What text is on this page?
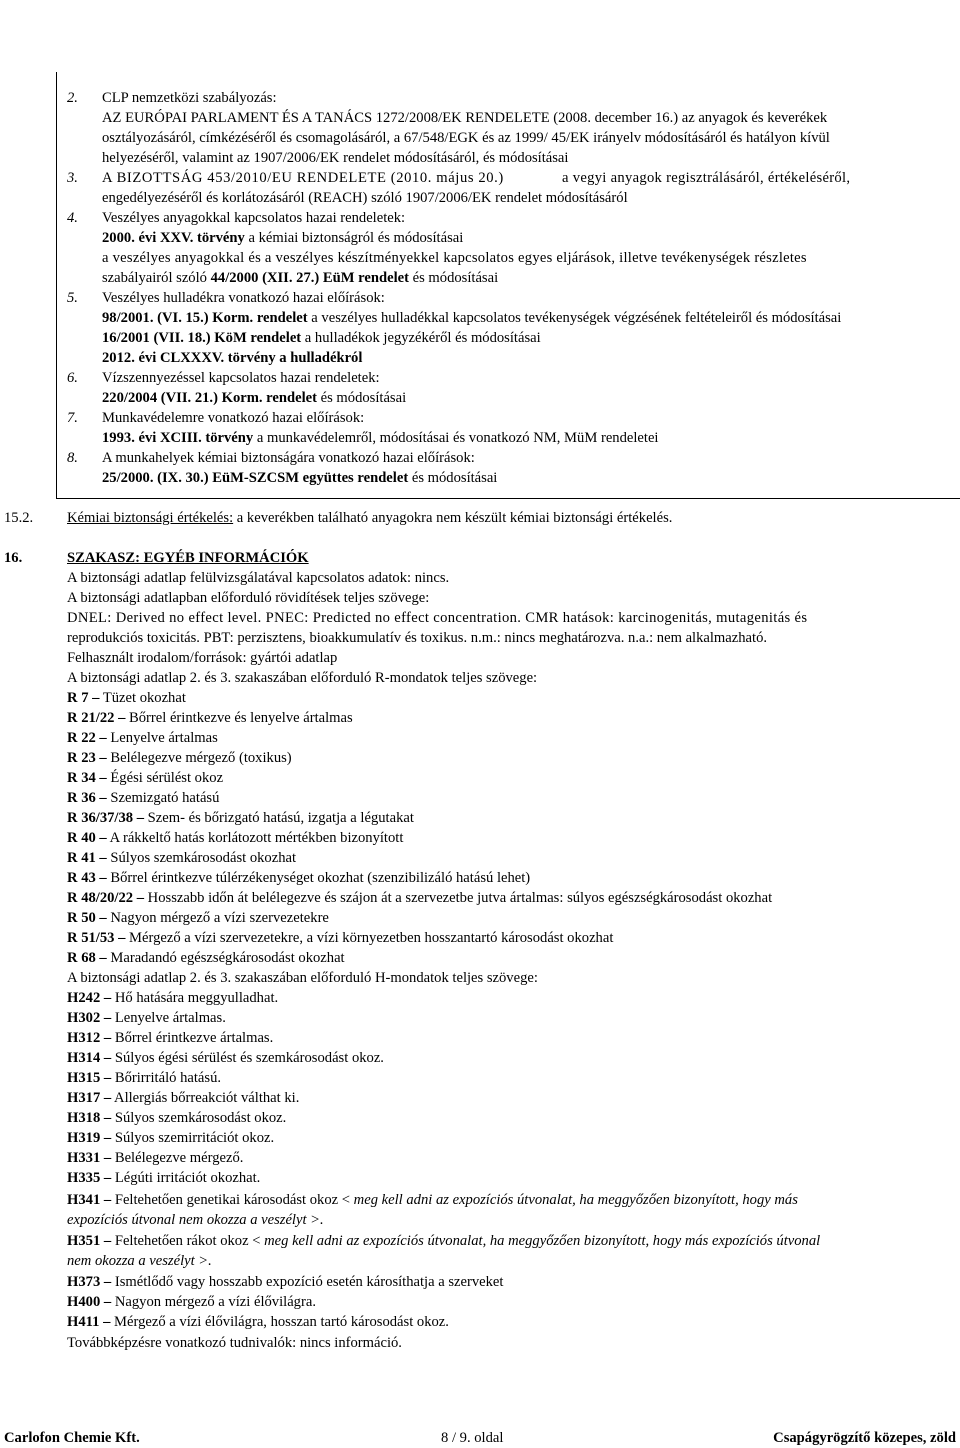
Elkészítés időpontja: 2013. június 7.
Felülvizsgálat időpontja: -
Verziószám: 1
http://www.biztonsagiadatlap.hu
2. CLP nemzetközi szabályozás:
AZ EURÓPAI PARLAMENT ÉS A TANÁCS 1272/2008/EK RENDELETE (2008. december 16.) az anyagok és keverékek
osztályozásáról, címkézéséről és csomagolásáról, a 67/548/EGK és az 1999/ 45/EK irányelv módosításáról és hatályon kívül
helyezéséről, valamint az 1907/2006/EK rendelet módosításáról, és módosításai
3. A BIZOTTSÁG 453/2010/EU RENDELETE (2010. május 20.)	a vegyi anyagok regisztrálásáról, értékeléséről,
engedélyezéséről és korlátozásáról (REACH) szóló 1907/2006/EK rendelet módosításáról
4. Veszélyes anyagokkal kapcsolatos hazai rendeletek:
2000. évi XXV. törvény a kémiai biztonságról és módosításai
a veszélyes anyagokkal és a veszélyes készítményekkel kapcsolatos egyes eljárások, illetve tevékenységek részletes
szabályairól szóló 44/2000 (XII. 27.) EüM rendelet és módosításai
5. Veszélyes hulladékra vonatkozó hazai előírások:
98/2001. (VI. 15.) Korm. rendelet a veszélyes hulladékkal kapcsolatos tevékenységek végzésének feltételeiről és módosításai
16/2001 (VII. 18.) KöM rendelet a hulladékok jegyzékéről és módosításai
2012. évi CLXXXV. törvény a hulladékról
6. Vízszennyezéssel kapcsolatos hazai rendeletek:
220/2004 (VII. 21.) Korm. rendelet és módosításai
7. Munkavédelemre vonatkozó hazai előírások:
1993. évi XCIII. törvény a munkavédelemről, módosításai és vonatkozó NM, MüM rendeletei
8. A munkahelyek kémiai biztonságára vonatkozó hazai előírások:
25/2000. (IX. 30.) EüM-SZCSM együttes rendelet és módosításai
15.2. Kémiai biztonsági értékelés: a keverékben található anyagokra nem készült kémiai biztonsági értékelés.
16.	SZAKASZ: EGYÉB INFORMÁCIÓK
A biztonsági adatlap felülvizsgálatával kapcsolatos adatok: nincs.
A biztonsági adatlapban előforduló rövidítések teljes szövege:
DNEL: Derived no effect level. PNEC: Predicted no effect concentration. CMR hatások: karcinogenitás, mutagenitás és
reprodukciós toxicitás. PBT: perzisztens, bioakkumulatív és toxikus. n.m.: nincs meghatározva. n.a.: nem alkalmazható.
Felhasznált irodalom/források: gyártói adatlap
A biztonsági adatlap 2. és 3. szakaszában előforduló R-mondatok teljes szövege:
R 7 – Tüzet okozhat
R 21/22 – Bőrrel érintkezve és lenyelve ártalmas
R 22 – Lenyelve ártalmas
R 23 – Belélegezve mérgező (toxikus)
R 34 – Égési sérülést okoz
R 36 – Szemizgató hatású
R 36/37/38 – Szem- és bőrizgató hatású, izgatja a légutakat
R 40 – A rákkeltő hatás korlátozott mértékben bizonyított
R 41 – Súlyos szemkárosodást okozhat
R 43 – Bőrrel érintkezve túlérzékenységet okozhat (szenzibilizáló hatású lehet)
R 48/20/22 – Hosszabb időn át belélegezve és szájon át a szervezetbe jutva ártalmas: súlyos egészségkárosodást okozhat
R 50 – Nagyon mérgező a vízi szervezetekre
R 51/53 – Mérgező a vízi szervezetekre, a vízi környezetben hosszantartó károsodást okozhat
R 68 – Maradandó egészségkárosodást okozhat
A biztonsági adatlap 2. és 3. szakaszában előforduló H-mondatok teljes szövege:
H242 – Hő hatására meggyulladhat.
H302 – Lenyelve ártalmas.
H312 – Bőrrel érintkezve ártalmas.
H314 – Súlyos égési sérülést és szemkárosodást okoz.
H315 – Bőrirritáló hatású.
H317 – Allergiás bőrreakciót válthat ki.
H318 – Súlyos szemkárosodást okoz.
H319 – Súlyos szemirritációt okoz.
H331 – Belélegezve mérgező.
H335 – Légúti irritációt okozhat.
H341 – Feltehetően genetikai károsodást okoz < meg kell adni az expozíciós útvonalat, ha meggyőzően bizonyított, hogy más
expozíciós útvonal nem okozza a veszélyt >.
H351 – Feltehetően rákot okoz < meg kell adni az expozíciós útvonalat, ha meggyőzően bizonyított, hogy más expozíciós útvonal
nem okozza a veszélyt >.
H373 – Ismétlődő vagy hosszabb expozíció esetén károsíthatja a szerveket
H400 – Nagyon mérgező a vízi élővilágra.
H411 – Mérgező a vízi élővilágra, hosszan tartó károsodást okoz.
Továbbképzésre vonatkozó tudnivalók: nincs információ.
Carlofon Chemie Kft.	8 / 9. oldal	Csapágyrögzítő közepes, zöld
